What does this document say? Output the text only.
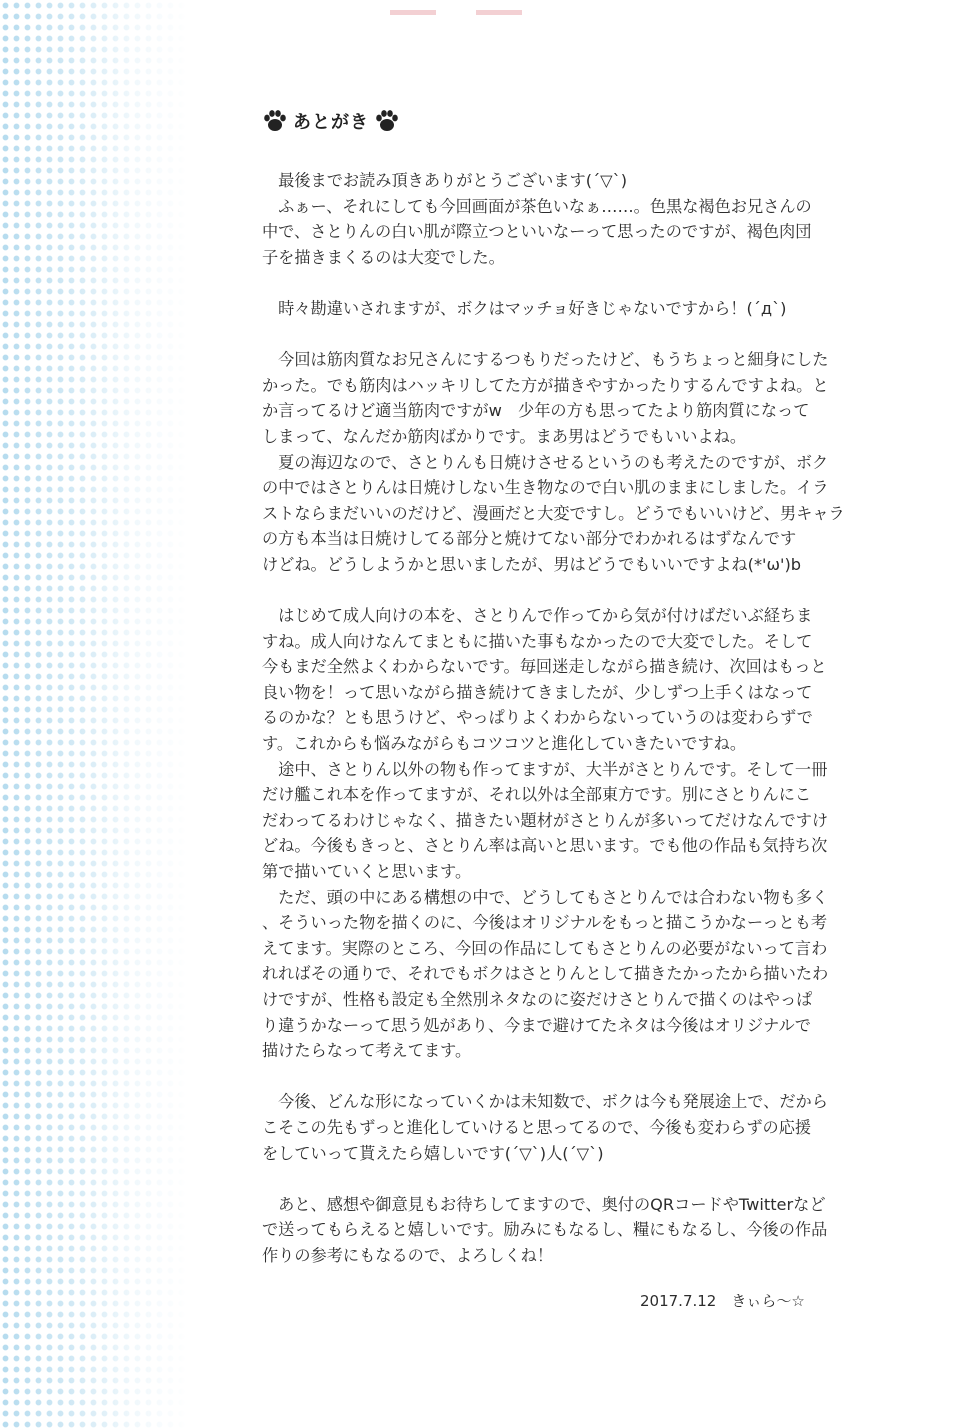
あとがき

　最後までお読み頂きありがとうございます(´▽`)

　ふぁー、それにしても今回画面が茶色いなぁ……。色黒な褐色お兄さんの

中で、さとりんの白い肌が際立つといいなーって思ったのですが、褐色肉団

子を描きまくるのは大変でした。

　時々勘違いされますが、ボクはマッチョ好きじゃないですから！(´д`)

　今回は筋肉質なお兄さんにするつもりだったけど、もうちょっと細身にした

かった。でも筋肉はハッキリしてた方が描きやすかったりするんですよね。と

か言ってるけど適当筋肉ですがw　少年の方も思ってたより筋肉質になって

しまって、なんだか筋肉ばかりです。まあ男はどうでもいいよね。

　夏の海辺なので、さとりんも日焼けさせるというのも考えたのですが、ボク

の中ではさとりんは日焼けしない生き物なので白い肌のままにしました。イラ

ストならまだいいのだけど、漫画だと大変ですし。どうでもいいけど、男キャラ

の方も本当は日焼けしてる部分と焼けてない部分でわかれるはずなんです

けどね。どうしようかと思いましたが、男はどうでもいいですよね(*'ω')b

　はじめて成人向けの本を、さとりんで作ってから気が付けばだいぶ経ちま

すね。成人向けなんてまともに描いた事もなかったので大変でした。そして

今もまだ全然よくわからないです。毎回迷走しながら描き続け、次回はもっと

良い物を！って思いながら描き続けてきましたが、少しずつ上手くはなって

るのかな？とも思うけど、やっぱりよくわからないっていうのは変わらずで

す。これからも悩みながらもコツコツと進化していきたいですね。

　途中、さとりん以外の物も作ってますが、大半がさとりんです。そして一冊

だけ艦これ本を作ってますが、それ以外は全部東方です。別にさとりんにこ

だわってるわけじゃなく、描きたい題材がさとりんが多いってだけなんですけ

どね。今後もきっと、さとりん率は高いと思います。でも他の作品も気持ち次

第で描いていくと思います。

　ただ、頭の中にある構想の中で、どうしてもさとりんでは合わない物も多く

、そういった物を描くのに、今後はオリジナルをもっと描こうかなーっとも考

えてます。実際のところ、今回の作品にしてもさとりんの必要がないって言わ

れればその通りで、それでもボクはさとりんとして描きたかったから描いたわ

けですが、性格も設定も全然別ネタなのに姿だけさとりんで描くのはやっぱ

り違うかなーって思う処があり、今まで避けてたネタは今後はオリジナルで

描けたらなって考えてます。

　今後、どんな形になっていくかは未知数で、ボクは今も発展途上で、だから

こそこの先もずっと進化していけると思ってるので、今後も変わらずの応援

をしていって貰えたら嬉しいです(´▽`)人(´▽`)

　あと、感想や御意見もお待ちしてますので、奥付のQRコードやTwitterなど

で送ってもらえると嬉しいです。励みにもなるし、糧にもなるし、今後の作品

作りの参考にもなるので、よろしくね！

2017.7.12　 きぃら〜☆
